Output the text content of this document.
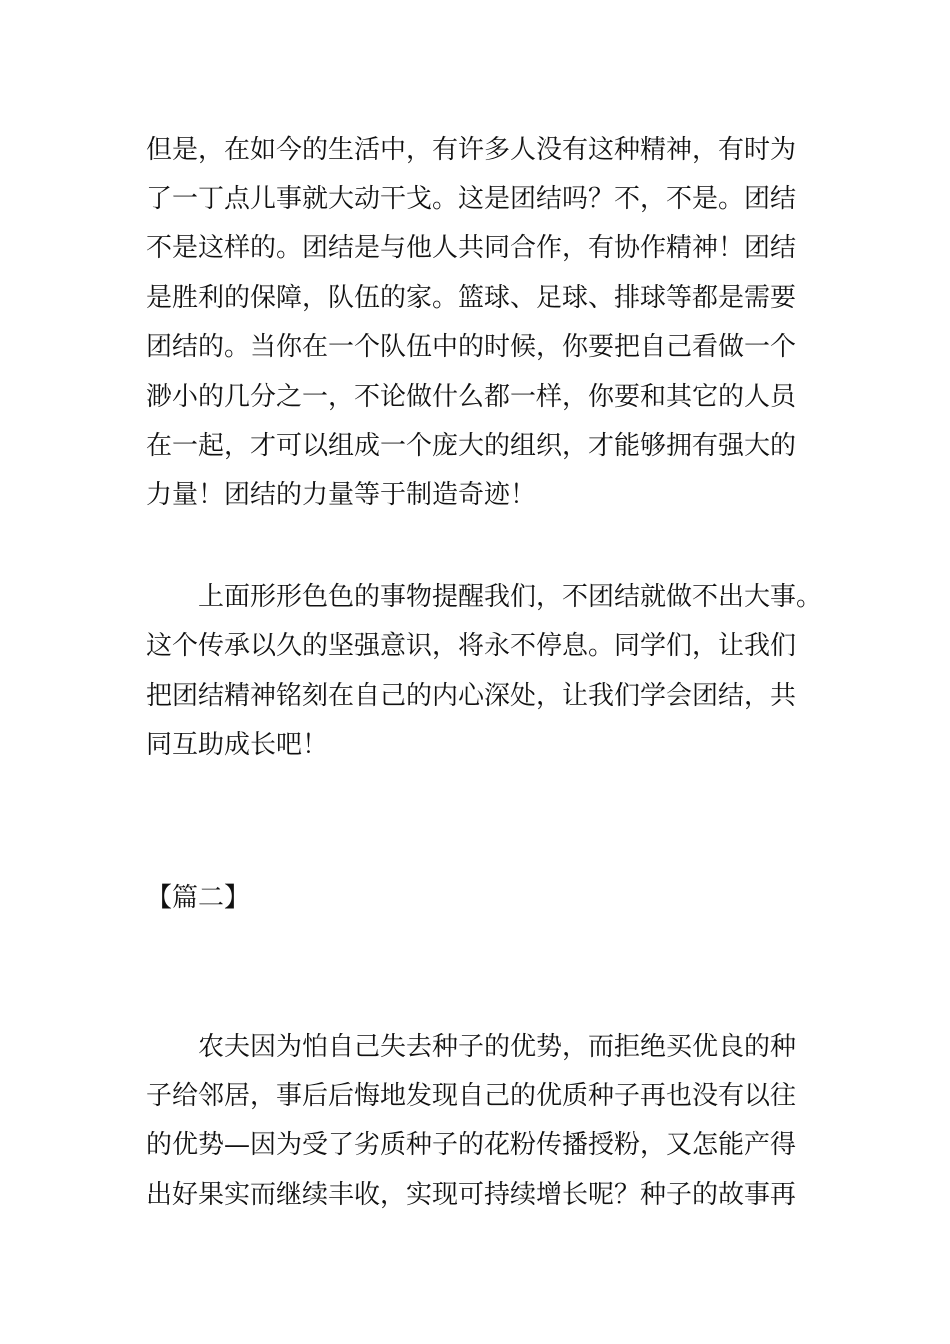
但是，在如今的生活中，有许多人没有这种精神，有时为
了一丁点儿事就大动干戈。这是团结吗？不，不是。团结
不是这样的。团结是与他人共同合作，有协作精神！团结
是胜利的保障，队伍的家。篮球、足球、排球等都是需要
团结的。当你在一个队伍中的时候，你要把自己看做一个
渺小的几分之一，不论做什么都一样，你要和其它的人员
在一起，才可以组成一个庞大的组织，才能够拥有强大的
力量！团结的力量等于制造奇迹！
上面形形色色的事物提醒我们，不团结就做不出大事。
这个传承以久的坚强意识，将永不停息。同学们，让我们
把团结精神铭刻在自己的内心深处，让我们学会团结，共
同互助成长吧！
【篇二】
农夫因为怕自己失去种子的优势，而拒绝买优良的种
子给邻居，事后后悔地发现自己的优质种子再也没有以往
的优势—因为受了劣质种子的花粉传播授粉，又怎能产得
出好果实而继续丰收，实现可持续增长呢？种子的故事再
